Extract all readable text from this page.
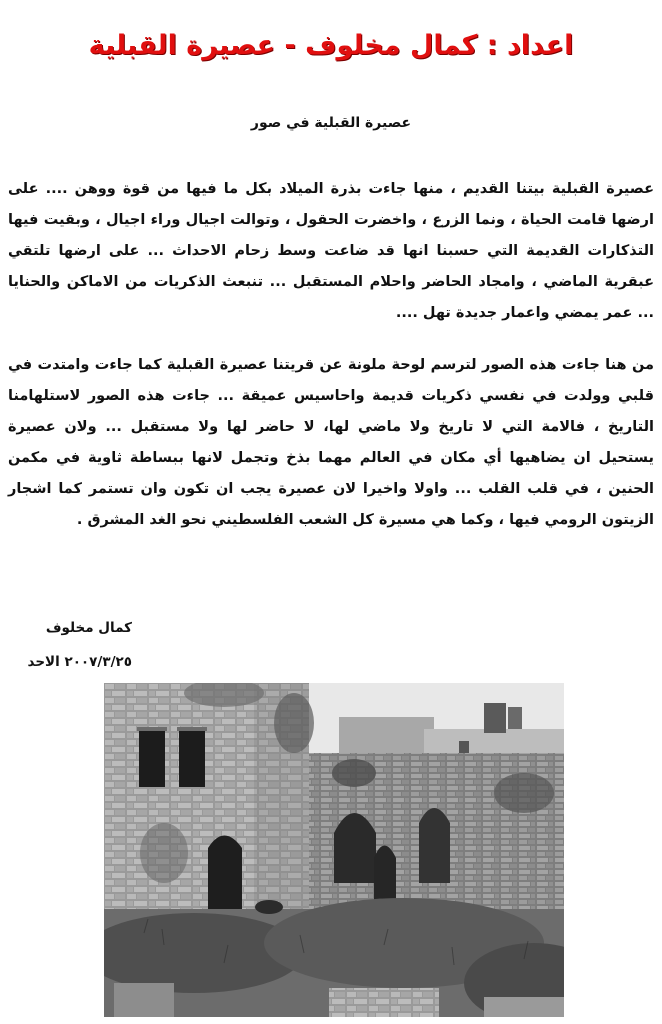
اعداد : كمال مخلوف - عصيرة القبلية
عصيرة القبلية في صور

عصيرة القبلية بيتنا القديم ، منها جاءت بذرة الميلاد بكل ما فيها من قوة ووهن .... على ارضها قامت الحياة ، ونما الزرع ، واخضرت الحقول ، وتوالت اجيال وراء اجيال ، وبقيت فيها التذكارات القديمة التي حسبنا انها قد ضاعت وسط زحام الاحداث ... على ارضها تلتقي عبقرية الماضي ، وامجاد الحاضر واحلام المستقبل ... تنبعث الذكريات من الاماكن والحنايا ... عمر يمضي واعمار جديدة تهل ....

من هنا جاءت هذه الصور لترسم لوحة ملونة عن قريتنا عصيرة القبلية كما جاءت وامتدت في قلبي وولدت في نفسي ذكريات قديمة واحاسيس عميقة ... جاءت هذه الصور لاستلهامنا التاريخ ، فالامة التي لا تاريخ ولا ماضي لها، لا حاضر لها ولا مستقبل ... ولان عصيرة يستحيل ان يضاهيها أي مكان في العالم مهما بذخ وتجمل لانها ببساطة ثاوية في مكمن الحنين ، في قلب القلب ... واولا واخيرا لان عصيرة يجب ان تكون وان تستمر كما اشجار الزيتون الرومي فيها ، وكما هي مسيرة كل الشعب الفلسطيني نحو الغد المشرق .

كمال مخلوف
٢٠٠٧/٣/٢٥ الاحد
